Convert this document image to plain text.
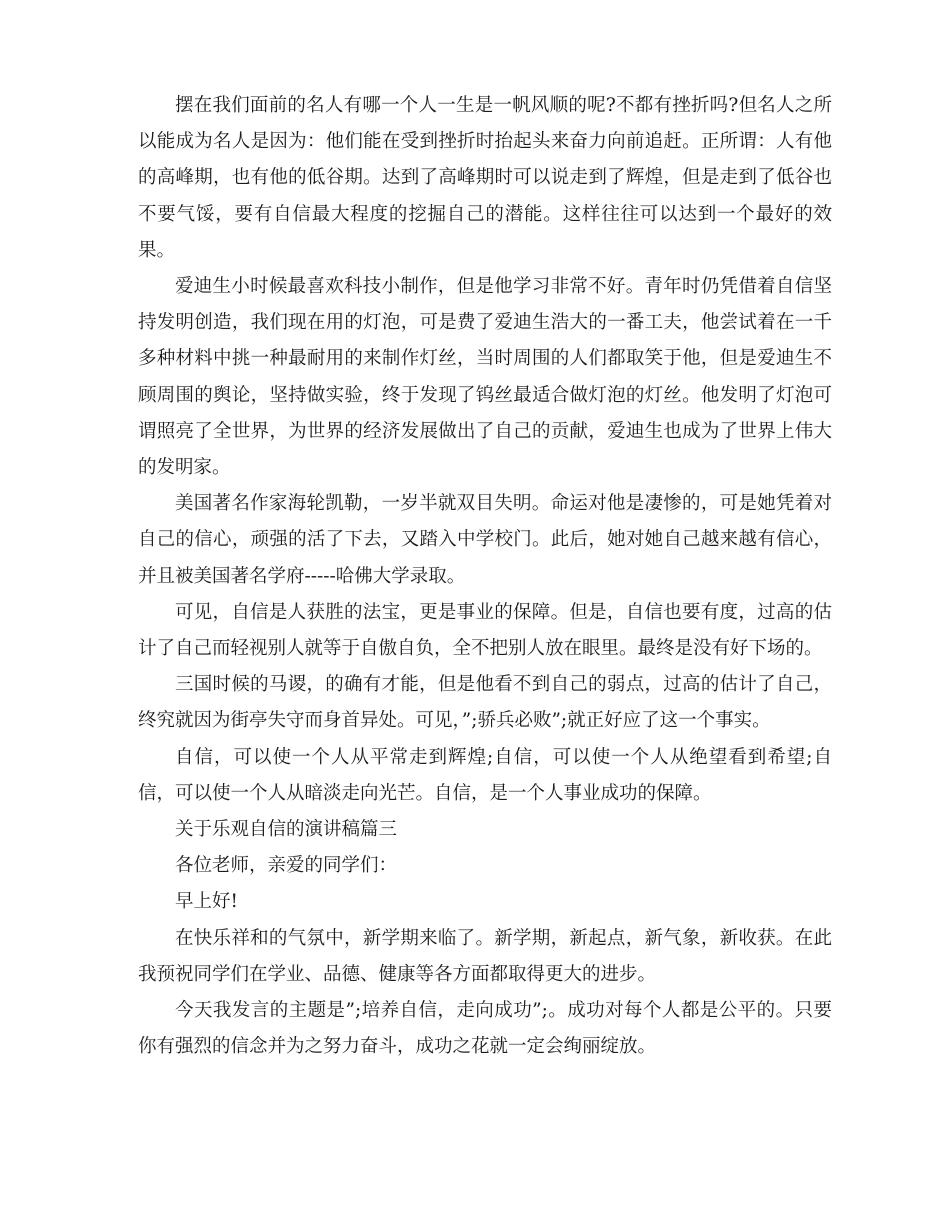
摆在我们面前的名人有哪一个人一生是一帆风顺的呢?不都有挫折吗?但名人之所以能成为名人是因为：他们能在受到挫折时抬起头来奋力向前追赶。正所谓：人有他的高峰期，也有他的低谷期。达到了高峰期时可以说走到了辉煌，但是走到了低谷也不要气馁，要有自信最大程度的挖掘自己的潜能。这样往往可以达到一个最好的效果。

爱迪生小时候最喜欢科技小制作，但是他学习非常不好。青年时仍凭借着自信坚持发明创造，我们现在用的灯泡，可是费了爱迪生浩大的一番工夫，他尝试着在一千多种材料中挑一种最耐用的来制作灯丝，当时周围的人们都取笑于他，但是爱迪生不顾周围的舆论，坚持做实验，终于发现了钨丝最适合做灯泡的灯丝。他发明了灯泡可谓照亮了全世界，为世界的经济发展做出了自己的贡献，爱迪生也成为了世界上伟大的发明家。

美国著名作家海轮凯勒，一岁半就双目失明。命运对他是凄惨的，可是她凭着对自己的信心，顽强的活了下去，又踏入中学校门。此后，她对她自己越来越有信心，并且被美国著名学府-----哈佛大学录取。

可见，自信是人获胜的法宝，更是事业的保障。但是，自信也要有度，过高的估计了自己而轻视别人就等于自傲自负，全不把别人放在眼里。最终是没有好下场的。

三国时候的马谡，的确有才能，但是他看不到自己的弱点，过高的估计了自己，终究就因为街亭失守而身首异处。可见，”;骄兵必败”;就正好应了这一个事实。

自信，可以使一个人从平常走到辉煌;自信，可以使一个人从绝望看到希望;自信，可以使一个人从暗淡走向光芒。自信，是一个人事业成功的保障。

关于乐观自信的演讲稿篇三

各位老师，亲爱的同学们：

早上好!

在快乐祥和的气氛中，新学期来临了。新学期，新起点，新气象，新收获。在此我预祝同学们在学业、品德、健康等各方面都取得更大的进步。

今天我发言的主题是”;培养自信，走向成功”;。成功对每个人都是公平的。只要你有强烈的信念并为之努力奋斗，成功之花就一定会绚丽绽放。
